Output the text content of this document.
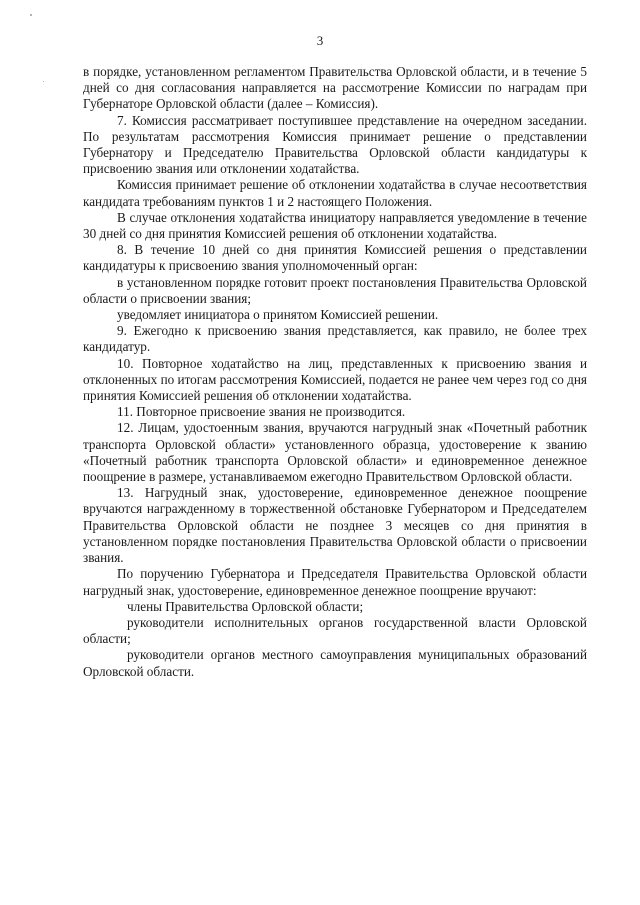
3

в порядке, установленном регламентом Правительства Орловской области, и в течение 5 дней со дня согласования направляется на рассмотрение Комиссии по наградам при Губернаторе Орловской области (далее – Комиссия).

7. Комиссия рассматривает поступившее представление на очередном заседании. По результатам рассмотрения Комиссия принимает решение о представлении Губернатору и Председателю Правительства Орловской области кандидатуры к присвоению звания или отклонении ходатайства.

Комиссия принимает решение об отклонении ходатайства в случае несоответствия кандидата требованиям пунктов 1 и 2 настоящего Положения.

В случае отклонения ходатайства инициатору направляется уведомление в течение 30 дней со дня принятия Комиссией решения об отклонении ходатайства.

8. В течение 10 дней со дня принятия Комиссией решения о представлении кандидатуры к присвоению звания уполномоченный орган:

в установленном порядке готовит проект постановления Правительства Орловской области о присвоении звания;

уведомляет инициатора о принятом Комиссией решении.

9. Ежегодно к присвоению звания представляется, как правило, не более трех кандидатур.

10. Повторное ходатайство на лиц, представленных к присвоению звания и отклоненных по итогам рассмотрения Комиссией, подается не ранее чем через год со дня принятия Комиссией решения об отклонении ходатайства.

11. Повторное присвоение звания не производится.

12. Лицам, удостоенным звания, вручаются нагрудный знак «Почетный работник транспорта Орловской области» установленного образца, удостоверение к званию «Почетный работник транспорта Орловской области» и единовременное денежное поощрение в размере, устанавливаемом ежегодно Правительством Орловской области.

13. Нагрудный знак, удостоверение, единовременное денежное поощрение вручаются награжденному в торжественной обстановке Губернатором и Председателем Правительства Орловской области не позднее 3 месяцев со дня принятия в установленном порядке постановления Правительства Орловской области о присвоении звания.

По поручению Губернатора и Председателя Правительства Орловской области нагрудный знак, удостоверение, единовременное денежное поощрение вручают:

члены Правительства Орловской области;

руководители исполнительных органов государственной власти Орловской области;

руководители органов местного самоуправления муниципальных образований Орловской области.
